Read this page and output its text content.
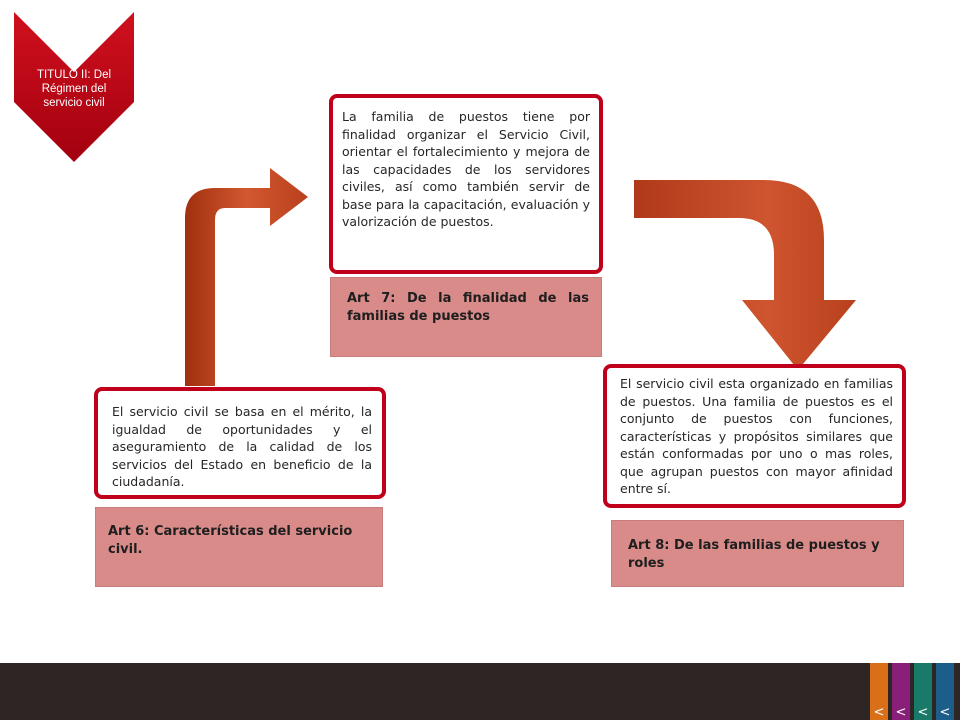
TITULO II: Del Régimen del servicio civil

El servicio civil se basa en el mérito, la igualdad de oportunidades y el aseguramiento de la calidad de los servicios del Estado en beneficio de la ciudadanía.

Art 6: Características del servicio civil.

La familia de puestos tiene por finalidad organizar el Servicio Civil, orientar el fortalecimiento y mejora de las capacidades de los servidores civiles, así como también servir de base para la capacitación, evaluación y valorización de puestos.

Art 7: De la finalidad de las familias de puestos

El servicio civil esta organizado en familias de puestos. Una familia de puestos es el conjunto de puestos con funciones, características y propósitos similares que están conformadas por uno o mas roles, que agrupan puestos con mayor afinidad entre sí.

Art 8: De las familias de puestos y roles
< < < <
